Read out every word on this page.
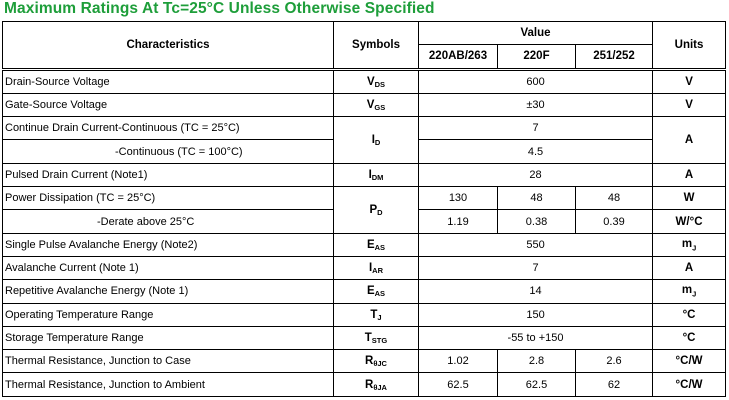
Maximum Ratings At Tc=25°C Unless Otherwise Specified
Characteristics	Symbols	Value			Units
		220AB/263	220F	251/252	
Drain-Source Voltage	$V_{DS}$	600			V
Gate-Source Voltage	$V_{GS}$	±30			V
Continue Drain Current-Continuous (TC = 25°C)	$I_D$	7			A
-Continuous (TC = 100°C)		4.5			
Pulsed Drain Current (Note1)	$I_{DM}$	28			A
Power Dissipation (TC = 25°C)	$P_D$	130	48	48	W
-Derate above 25°C		1.19	0.38	0.39	W/°C
Single Pulse Avalanche Energy (Note2)	$E_{AS}$	550			$m_J$
Avalanche Current (Note 1)	$I_{AR}$	7			A
Repetitive Avalanche Energy (Note 1)	$E_{AS}$	14			$m_J$
Operating Temperature Range	$T_J$	150			°C
Storage Temperature Range	$T_{STG}$	-55 to +150			°C
Thermal Resistance, Junction to Case	$R_{\theta JC}$	1.02	2.8	2.6	°C/W
Thermal Resistance, Junction to Ambient	$R_{\theta JA}$	62.5	62.5	62	°C/W
